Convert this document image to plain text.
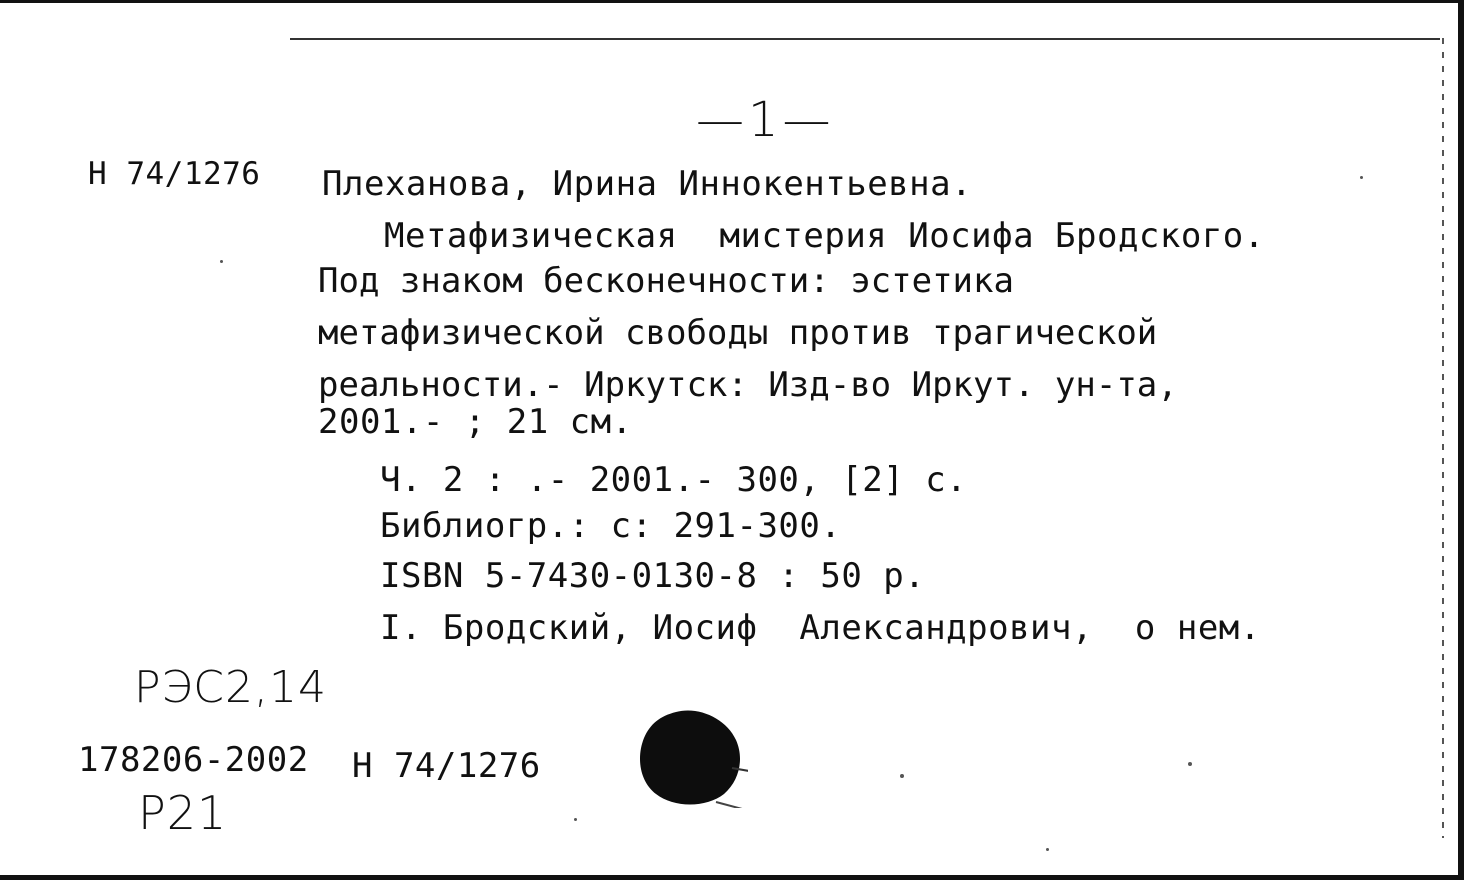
—1—
Н 74/1276 Плеханова, Ирина Иннокентьевна.
Метафизическая  мистерия Иосифа Бродского.
Под знаком бесконечности: эстетика
метафизической свободы против трагической
реальности.- Иркутск: Изд-во Иркут. ун-та,
2001.- ; 21 см.
Ч. 2 : .- 2001.- 300, [2] с.
Библиогр.: с: 291-300.
ISBN 5-7430-0130-8 : 50 р.
I. Бродский, Иосиф  Александрович,  о нем.
РЭС2,14
178206-2002 Н 74/1276
Р21
